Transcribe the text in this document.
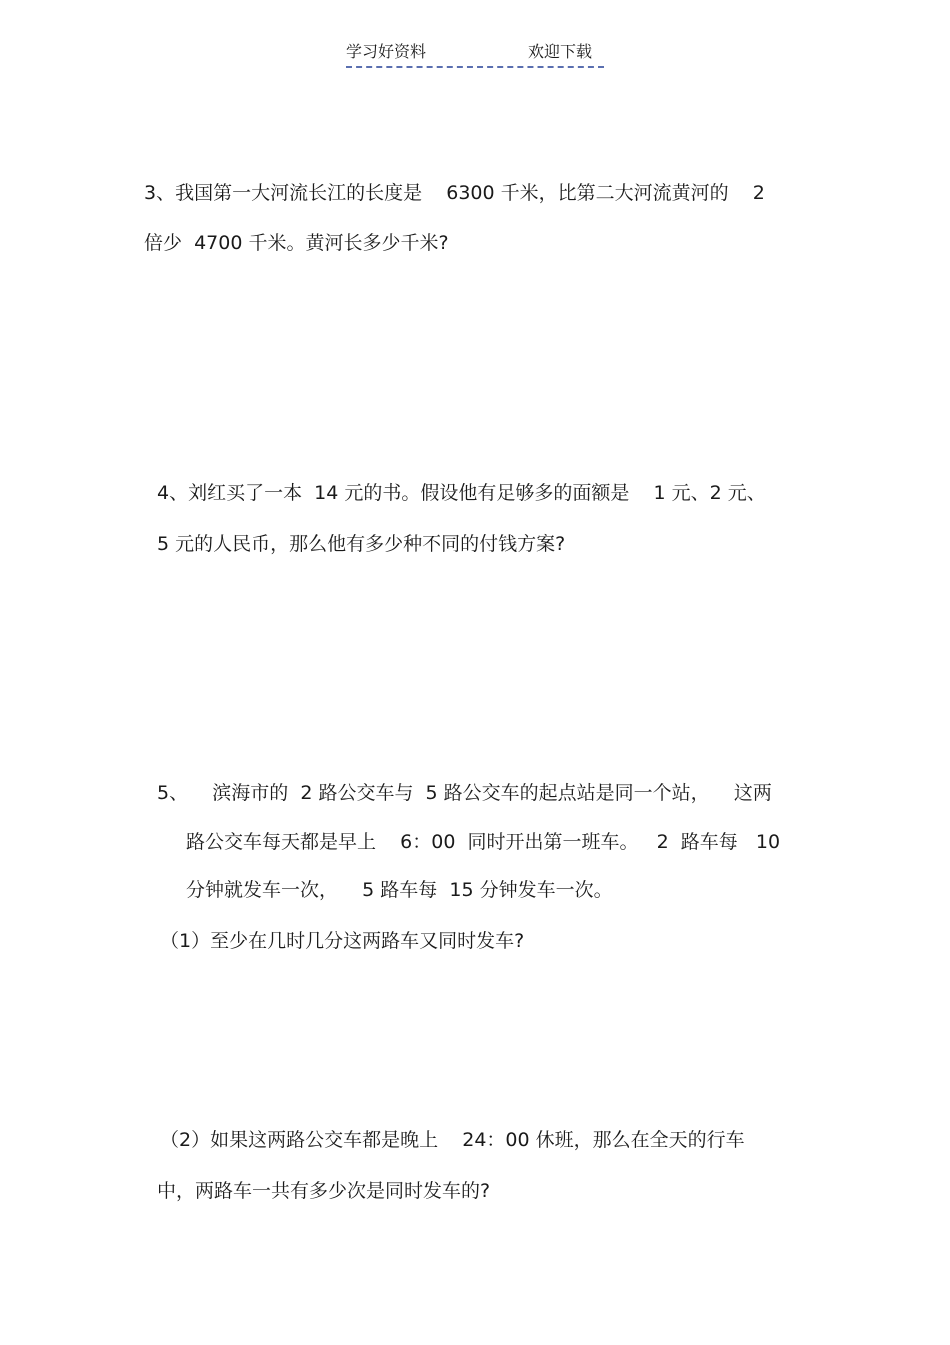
学习好资料	欢迎下载
3、我国第一大河流长江的长度是    6300 千米，比第二大河流黄河的    2
倍少  4700 千米。黄河长多少千米?
4、刘红买了一本  14 元的书。假设他有足够多的面额是    1 元、2 元、
5 元的人民币，那么他有多少种不同的付钱方案?
5、    滨海市的  2 路公交车与  5 路公交车的起点站是同一个站，    这两
路公交车每天都是早上    6：00  同时开出第一班车。   2  路车每   10
分钟就发车一次，    5 路车每  15 分钟发车一次。
（1）至少在几时几分这两路车又同时发车?
（2）如果这两路公交车都是晚上    24：00 休班，那么在全天的行车
中，两路车一共有多少次是同时发车的?
